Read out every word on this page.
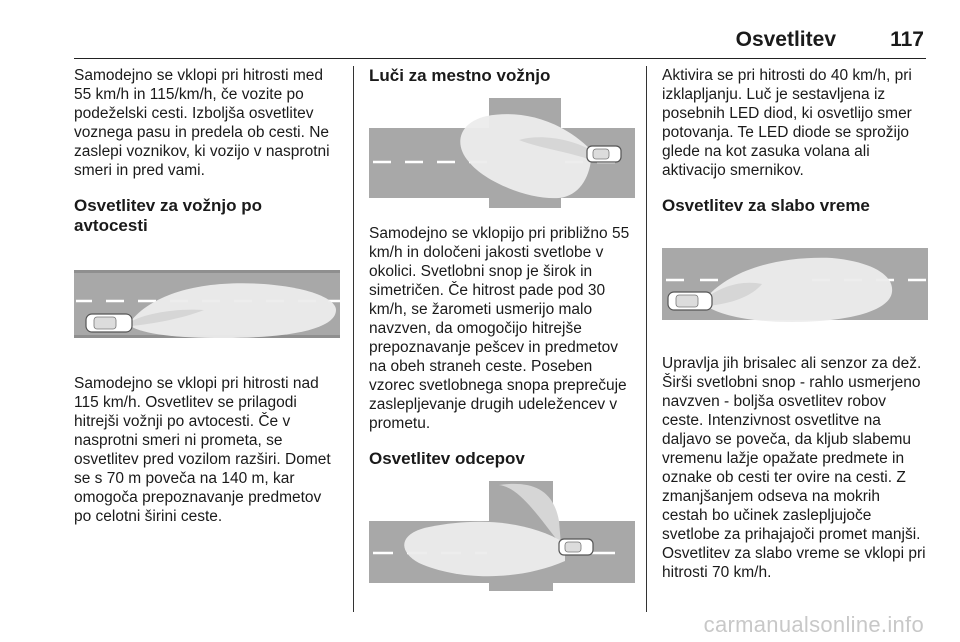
Osvetlitev	117

Samodejno se vklopi pri hitrosti med 55 km/h in 115/km/h, če vozite po podeželski cesti. Izboljša osvetlitev voznega pasu in predela ob cesti. Ne zaslepi voznikov, ki vozijo v nasprotni smeri in pred vami.

Osvetlitev za vožnjo po avtocesti

Samodejno se vklopi pri hitrosti nad 115 km/h. Osvetlitev se prilagodi hitrejši vožnji po avtocesti. Če v nasprotni smeri ni prometa, se osvetlitev pred vozilom razširi. Domet se s 70 m poveča na 140 m, kar omogoča prepoznavanje predmetov po celotni širini ceste.

Luči za mestno vožnjo

Samodejno se vklopijo pri približno 55 km/h in določeni jakosti svetlobe v okolici. Svetlobni snop je širok in simetričen. Če hitrost pade pod 30 km/h, se žarometi usmerijo malo navzven, da omogočijo hitrejše prepoznavanje pešcev in predmetov na obeh straneh ceste. Poseben vzorec svetlobnega snopa preprečuje zaslepljevanje drugih udeležencev v prometu.

Osvetlitev odcepov

Aktivira se pri hitrosti do 40 km/h, pri izklapljanju. Luč je sestavljena iz posebnih LED diod, ki osvetlijo smer potovanja. Te LED diode se sprožijo glede na kot zasuka volana ali aktivacijo smernikov.

Osvetlitev za slabo vreme

Upravlja jih brisalec ali senzor za dež. Širši svetlobni snop - rahlo usmerjeno navzven - boljša osvetlitev robov ceste. Intenzivnost osvetlitve na daljavo se poveča, da kljub slabemu vremenu lažje opažate predmete in oznake ob cesti ter ovire na cesti. Z zmanjšanjem odseva na mokrih cestah bo učinek zaslepljujoče svetlobe za prihajajoči promet manjši. Osvetlitev za slabo vreme se vklopi pri hitrosti 70 km/h.

carmanualsonline.info
